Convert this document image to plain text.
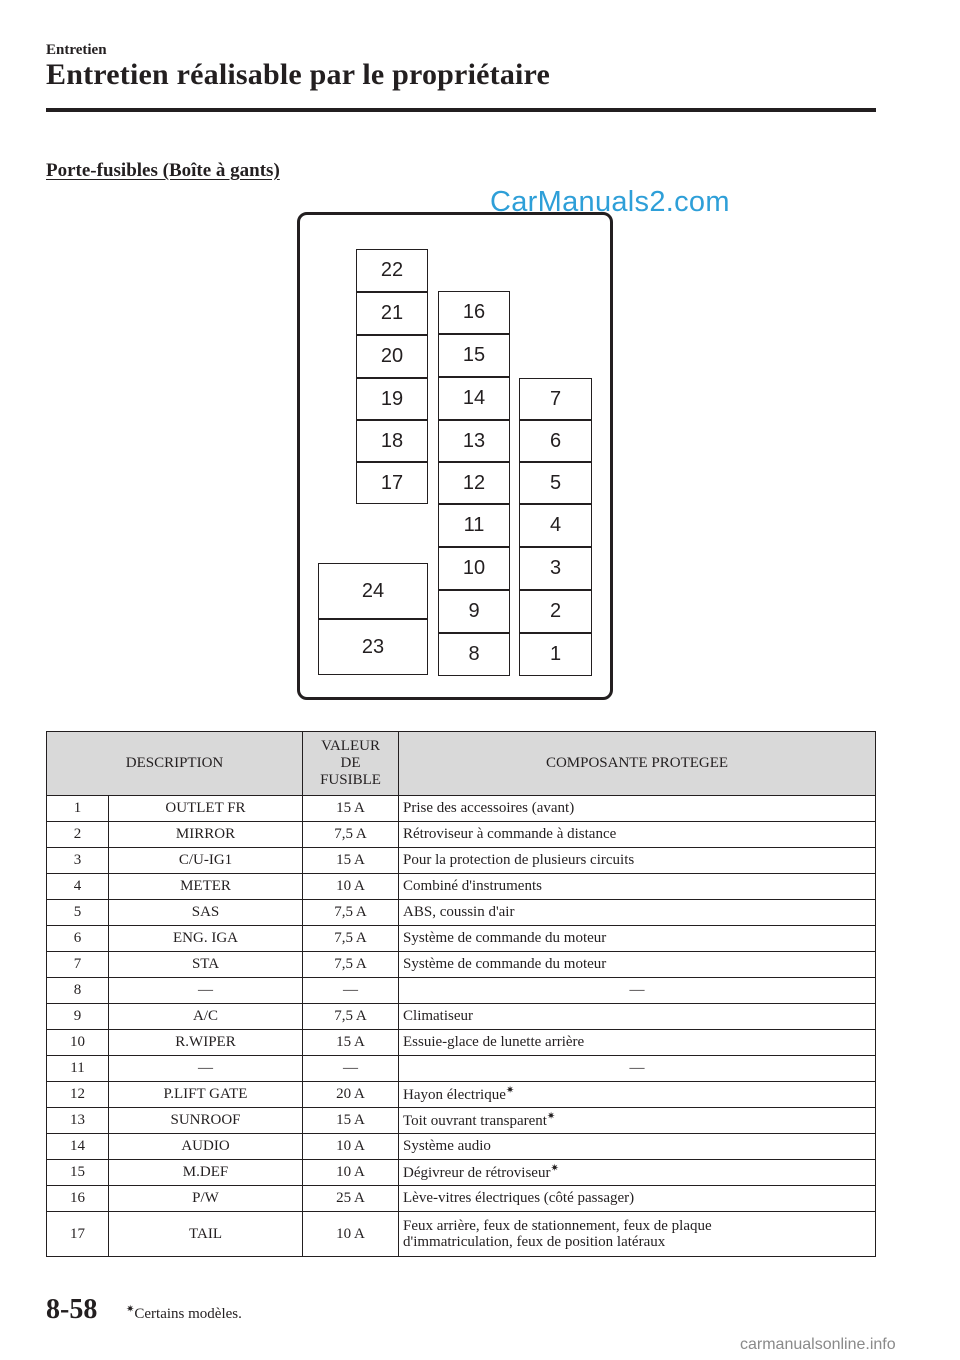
Entretien
Entretien réalisable par le propriétaire
Porte-fusibles (Boîte à gants)
CarManuals2.com
22
21
20
19
18
17
16
15
14
13
12
11
10
9
8
7
6
5
4
3
2
1
24
23
DESCRIPTION		VALEUR
DE
FUSIBLE	COMPOSANTE PROTEGEE
1	OUTLET FR	15 A	Prise des accessoires (avant)
2	MIRROR	7,5 A	Rétroviseur à commande à distance
3	C/U-IG1	15 A	Pour la protection de plusieurs circuits
4	METER	10 A	Combiné d'instruments
5	SAS	7,5 A	ABS, coussin d'air
6	ENG. IGA	7,5 A	Système de commande du moteur
7	STA	7,5 A	Système de commande du moteur
8	—	—	—
9	A/C	7,5 A	Climatiseur
10	R.WIPER	15 A	Essuie-glace de lunette arrière
11	—	—	—
12	P.LIFT GATE	20 A	Hayon électrique✷
13	SUNROOF	15 A	Toit ouvrant transparent✷
14	AUDIO	10 A	Système audio
15	M.DEF	10 A	Dégivreur de rétroviseur✷
16	P/W	25 A	Lève-vitres électriques (côté passager)
17	TAIL	10 A	Feux arrière, feux de stationnement, feux de plaque
d'immatriculation, feux de position latéraux
8-58	✷Certains modèles.
carmanualsonline.info
